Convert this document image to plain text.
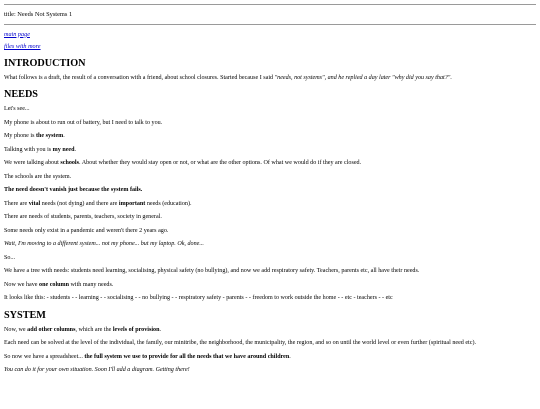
title: Needs Not Systems 1
main page
files with more
INTRODUCTION

What follows is a draft, the result of a conversation with a friend, about school closures. Started because I said "needs, not systems", and he replied a day later "why did you say that?".

NEEDS

Let's see...

My phone is about to run out of battery, but I need to talk to you.

My phone is the system.

Talking with you is my need.

We were talking about schools. About whether they would stay open or not, or what are the other options. Of what we would do if they are closed.

The schools are the system.

The need doesn't vanish just because the system fails.

There are vital needs (not dying) and there are important needs (education).

There are needs of students, parents, teachers, society in general.

Some needs only exist in a pandemic and weren't there 2 years ago.

Wait, I'm moving to a different system... not my phone... but my laptop. Ok, done...

So...

We have a tree with needs: students need learning, socialising, physical safety (no bullying), and now we add respiratory safety. Teachers, parents etc, all have their needs.

Now we have one column with many needs.

It looks like this: - students - - learning - - socialising - - no bullying - - respiratory safety - parents - - freedom to work outside the home - - etc - teachers - - etc

SYSTEM

Now, we add other columns, which are the levels of provision.

Each need can be solved at the level of the individual, the family, our minitribe, the neighborhood, the municipality, the region, and so on until the world level or even further (spiritual need etc).

So now we have a spreadsheet... the full system we use to provide for all the needs that we have around children.

You can do it for your own situation. Soon I'll add a diagram. Getting there!
